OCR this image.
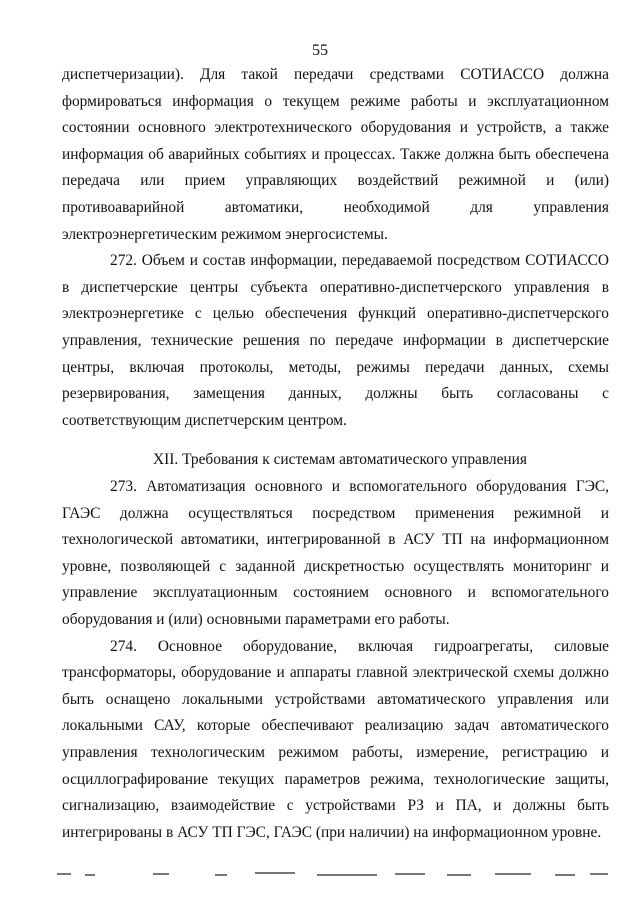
55

диспетчеризации). Для такой передачи средствами СОТИАССО должна формироваться информация о текущем режиме работы и эксплуатационном состоянии основного электротехнического оборудования и устройств, а также информация об аварийных событиях и процессах. Также должна быть обеспечена передача или прием управляющих воздействий режимной и (или) противоаварийной автоматики, необходимой для управления электроэнергетическим режимом энергосистемы.

272. Объем и состав информации, передаваемой посредством СОТИАССО в диспетчерские центры субъекта оперативно-диспетчерского управления в электроэнергетике с целью обеспечения функций оперативно-диспетчерского управления, технические решения по передаче информации в диспетчерские центры, включая протоколы, методы, режимы передачи данных, схемы резервирования, замещения данных, должны быть согласованы с соответствующим диспетчерским центром.

XII. Требования к системам автоматического управления

273. Автоматизация основного и вспомогательного оборудования ГЭС, ГАЭС должна осуществляться посредством применения режимной и технологической автоматики, интегрированной в АСУ ТП на информационном уровне, позволяющей с заданной дискретностью осуществлять мониторинг и управление эксплуатационным состоянием основного и вспомогательного оборудования и (или) основными параметрами его работы.

274. Основное оборудование, включая гидроагрегаты, силовые трансформаторы, оборудование и аппараты главной электрической схемы должно быть оснащено локальными устройствами автоматического управления или локальными САУ, которые обеспечивают реализацию задач автоматического управления технологическим режимом работы, измерение, регистрацию и осциллографирование текущих параметров режима, технологические защиты, сигнализацию, взаимодействие с устройствами РЗ и ПА, и должны быть интегрированы в АСУ ТП ГЭС, ГАЭС (при наличии) на информационном уровне.
